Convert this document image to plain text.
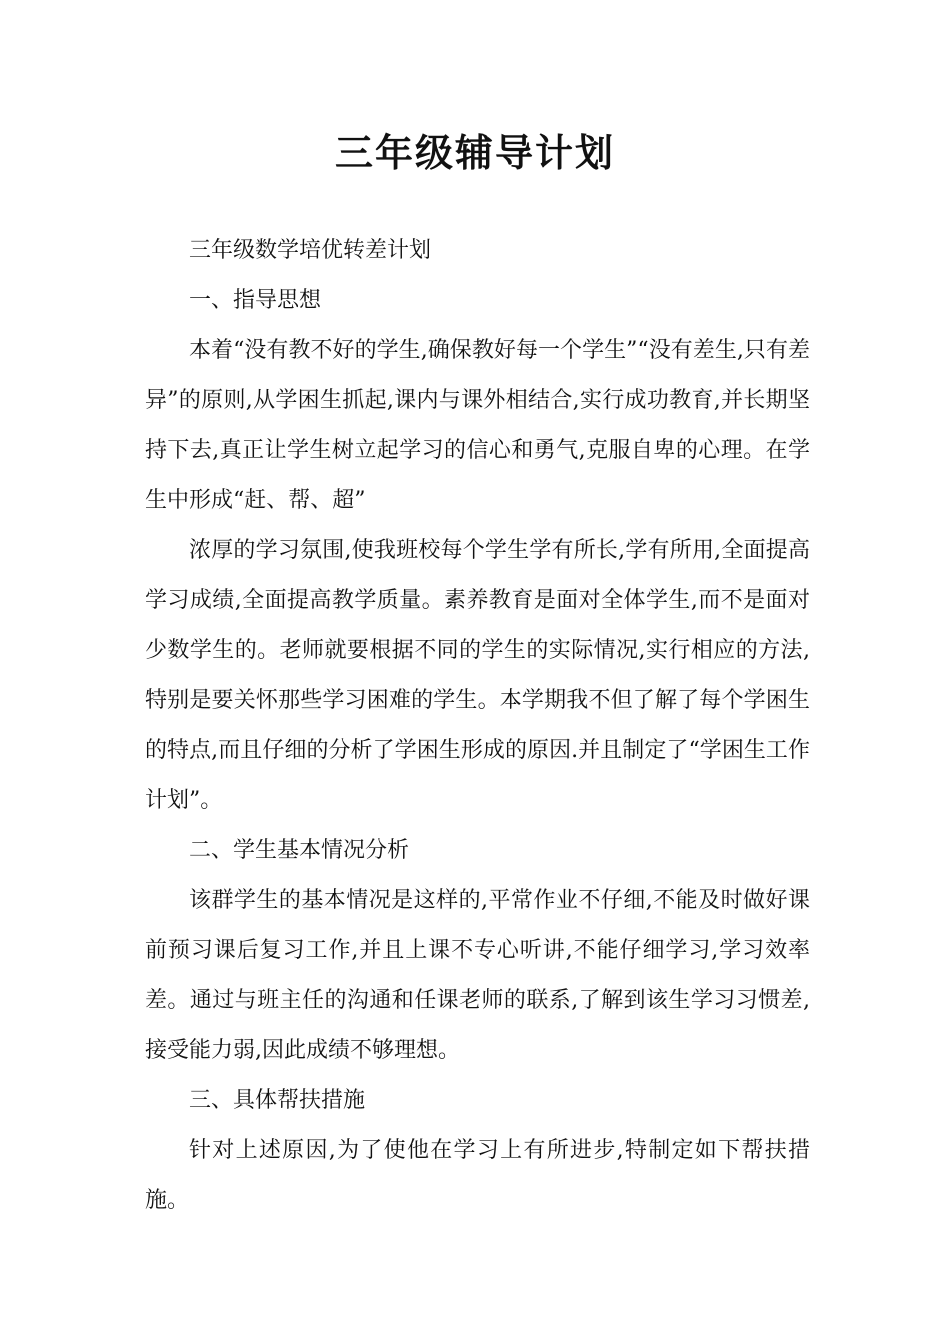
三年级辅导计划

三年级数学培优转差计划

一、指导思想

本着“没有教不好的学生,确保教好每一个学生”“没有差生,只有差异”的原则,从学困生抓起,课内与课外相结合,实行成功教育,并长期坚持下去,真正让学生树立起学习的信心和勇气,克服自卑的心理。在学生中形成“赶、帮、超”

浓厚的学习氛围,使我班校每个学生学有所长,学有所用,全面提高学习成绩,全面提高教学质量。素养教育是面对全体学生,而不是面对少数学生的。老师就要根据不同的学生的实际情况,实行相应的方法,特别是要关怀那些学习困难的学生。本学期我不但了解了每个学困生的特点,而且仔细的分析了学困生形成的原因.并且制定了“学困生工作计划”。

二、学生基本情况分析

该群学生的基本情况是这样的,平常作业不仔细,不能及时做好课前预习课后复习工作,并且上课不专心听讲,不能仔细学习,学习效率差。通过与班主任的沟通和任课老师的联系,了解到该生学习习惯差,接受能力弱,因此成绩不够理想。

三、具体帮扶措施

针对上述原因,为了使他在学习上有所进步,特制定如下帮扶措施。
